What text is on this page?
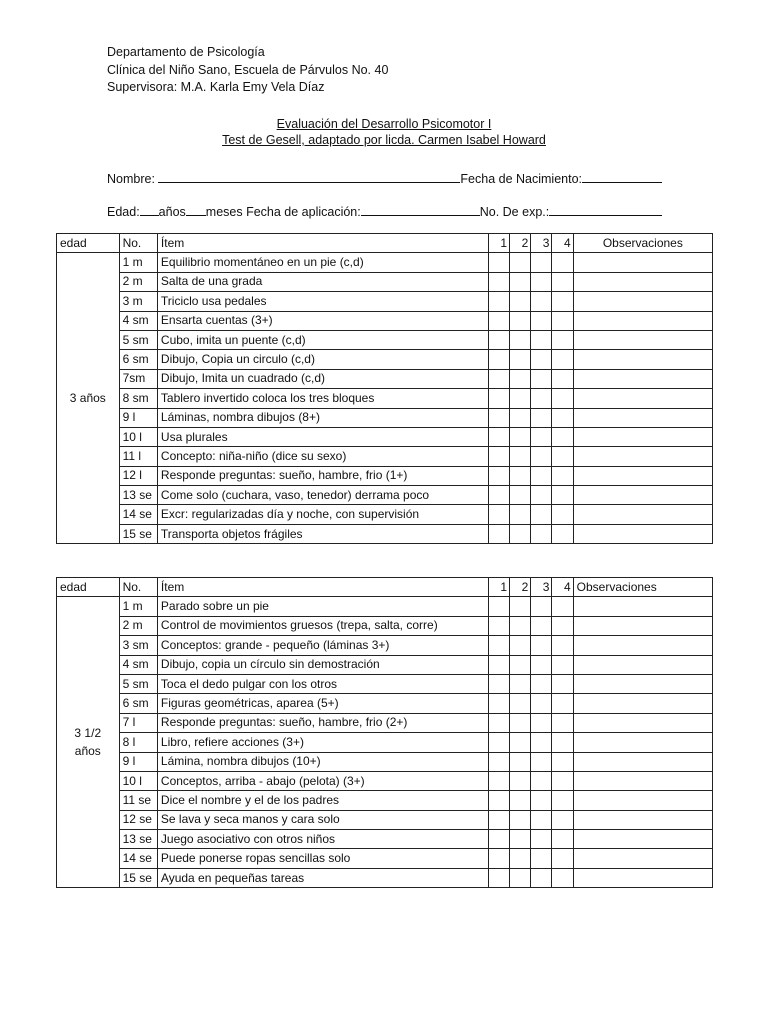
Departamento de Psicología
Clínica del Niño Sano, Escuela de Párvulos No. 40
Supervisora: M.A. Karla Emy Vela Díaz
Evaluación del Desarrollo Psicomotor I
Test de Gesell, adaptado por licda. Carmen Isabel Howard
Nombre:	Fecha de Nacimiento:
Edad: años meses Fecha de aplicación:	No. De exp.:
edad	No.	Ítem	1	2	3	4	Observaciones
3 años	1 m	Equilibrio momentáneo en un pie (c,d)					
	2 m	Salta de una grada					
	3 m	Triciclo usa pedales					
	4 sm	Ensarta cuentas (3+)					
	5 sm	Cubo, imita un puente (c,d)					
	6 sm	Dibujo, Copia un circulo (c,d)					
	7sm	Dibujo, Imita un cuadrado (c,d)					
	8 sm	Tablero invertido coloca los tres bloques					
	9 l	Láminas, nombra dibujos (8+)					
	10 l	Usa plurales					
	11 l	Concepto: niña-niño (dice su sexo)					
	12 l	Responde preguntas: sueño, hambre, frio (1+)					
	13 se	Come solo (cuchara, vaso, tenedor) derrama poco					
	14 se	Excr: regularizadas día y noche, con supervisión					
	15 se	Transporta objetos frágiles					
edad	No.	Ítem	1	2	3	4	Observaciones

3 1/2
años	1 m	Parado sobre un pie					
	2 m	Control de movimientos gruesos (trepa, salta, corre)					
	3 sm	Conceptos: grande - pequeño (láminas 3+)					
	4 sm	Dibujo, copia un círculo sin demostración					
	5 sm	Toca el dedo pulgar con los otros					
	6 sm	Figuras geométricas, aparea (5+)					
	7 l	Responde preguntas: sueño, hambre, frio (2+)					
	8 l	Libro, refiere acciones (3+)					
	9 l	Lámina, nombra dibujos (10+)					
	10 l	Conceptos, arriba - abajo (pelota) (3+)					
	11 se	Dice el nombre y el de los padres					
	12 se	Se lava y seca manos y cara solo					
	13 se	Juego asociativo con otros niños					
	14 se	Puede ponerse ropas sencillas solo					
	15 se	Ayuda en pequeñas tareas					
